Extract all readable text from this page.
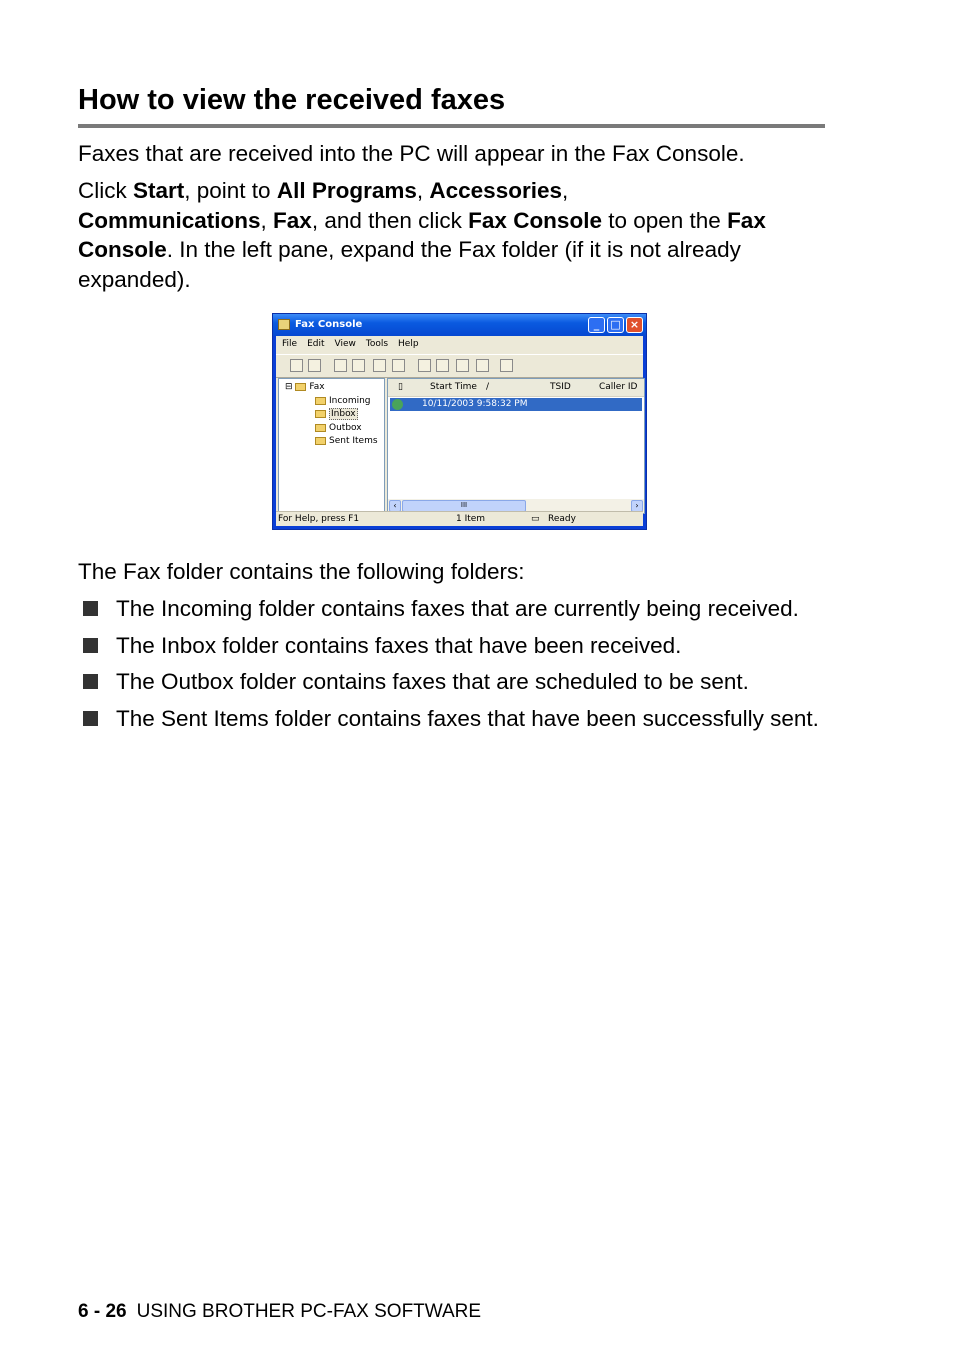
How to view the received faxes

Faxes that are received into the PC will appear in the Fax Console.

Click Start, point to All Programs, Accessories,
Communications, Fax, and then click Fax Console to open the Fax Console. In the left pane, expand the Fax folder (if it is not already expanded).

Fax Console	_	□ ×
File Edit View Tools Help
⊟ Fax
Incoming
Inbox
Outbox
Sent Items
▯	Start Time /	TSID	Caller ID
10/11/2003 9:58:32 PM
‹	III	›
For Help, press F1	1 Item	▭ Ready

The Fax folder contains the following folders:

The Incoming folder contains faxes that are currently being received.
The Inbox folder contains faxes that have been received.
The Outbox folder contains faxes that are scheduled to be sent.
The Sent Items folder contains faxes that have been successfully sent.
6 - 26 USING BROTHER PC-FAX SOFTWARE
